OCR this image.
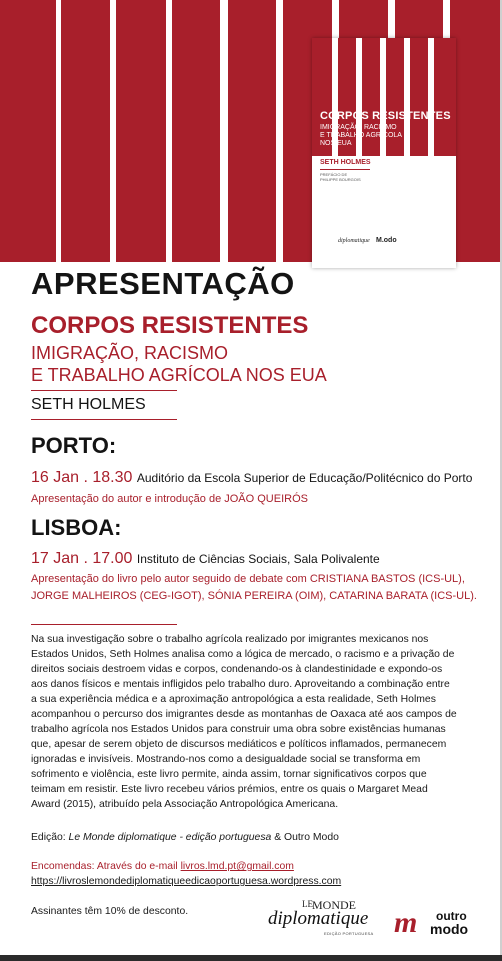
CORPOS RESISTENTES
IMIGRAÇÃO, RACISMO
E TRABALHO AGRÍCOLA
NOS EUA
SETH HOLMES
PREFÁCIO DE
PHILIPPE BOURGOIS
diplomatique M.odo
APRESENTAÇÃO
CORPOS RESISTENTES
IMIGRAÇÃO, RACISMO
E TRABALHO AGRÍCOLA NOS EUA
SETH HOLMES
PORTO:
16 Jan . 18.30 Auditório da Escola Superior de Educação/Politécnico do Porto
Apresentação do autor e introdução de JOÃO QUEIRÓS
LISBOA:
17 Jan . 17.00 Instituto de Ciências Sociais, Sala Polivalente
Apresentação do livro pelo autor seguido de debate com CRISTIANA BASTOS (ICS-UL),
JORGE MALHEIROS (CEG-IGOT), SÓNIA PEREIRA (OIM), CATARINA BARATA (ICS-UL).
Na sua investigação sobre o trabalho agrícola realizado por imigrantes mexicanos nos
Estados Unidos, Seth Holmes analisa como a lógica de mercado, o racismo e a privação de
direitos sociais destroem vidas e corpos, condenando-os à clandestinidade e expondo-os
aos danos físicos e mentais infligidos pelo trabalho duro. Aproveitando a combinação entre
a sua experiência médica e a aproximação antropológica a esta realidade, Seth Holmes
acompanhou o percurso dos imigrantes desde as montanhas de Oaxaca até aos campos de
trabalho agrícola nos Estados Unidos para construir uma obra sobre existências humanas
que, apesar de serem objeto de discursos mediáticos e políticos inflamados, permanecem
ignoradas e invisíveis. Mostrando-nos como a desigualdade social se transforma em
sofrimento e violência, este livro permite, ainda assim, tornar significativos corpos que
teimam em resistir. Este livro recebeu vários prémios, entre os quais o Margaret Mead
Award (2015), atribuído pela Associação Antropológica Americana.
Edição: Le Monde diplomatique - edição portuguesa & Outro Modo
Encomendas: Através do e-mail livros.lmd.pt@gmail.com
https://livroslemondediplomatiqueedicaoportuguesa.wordpress.com
Assinantes têm 10% de desconto.
LE MONDE
diplomatique
EDIÇÃO PORTUGUESA m outro
modo
